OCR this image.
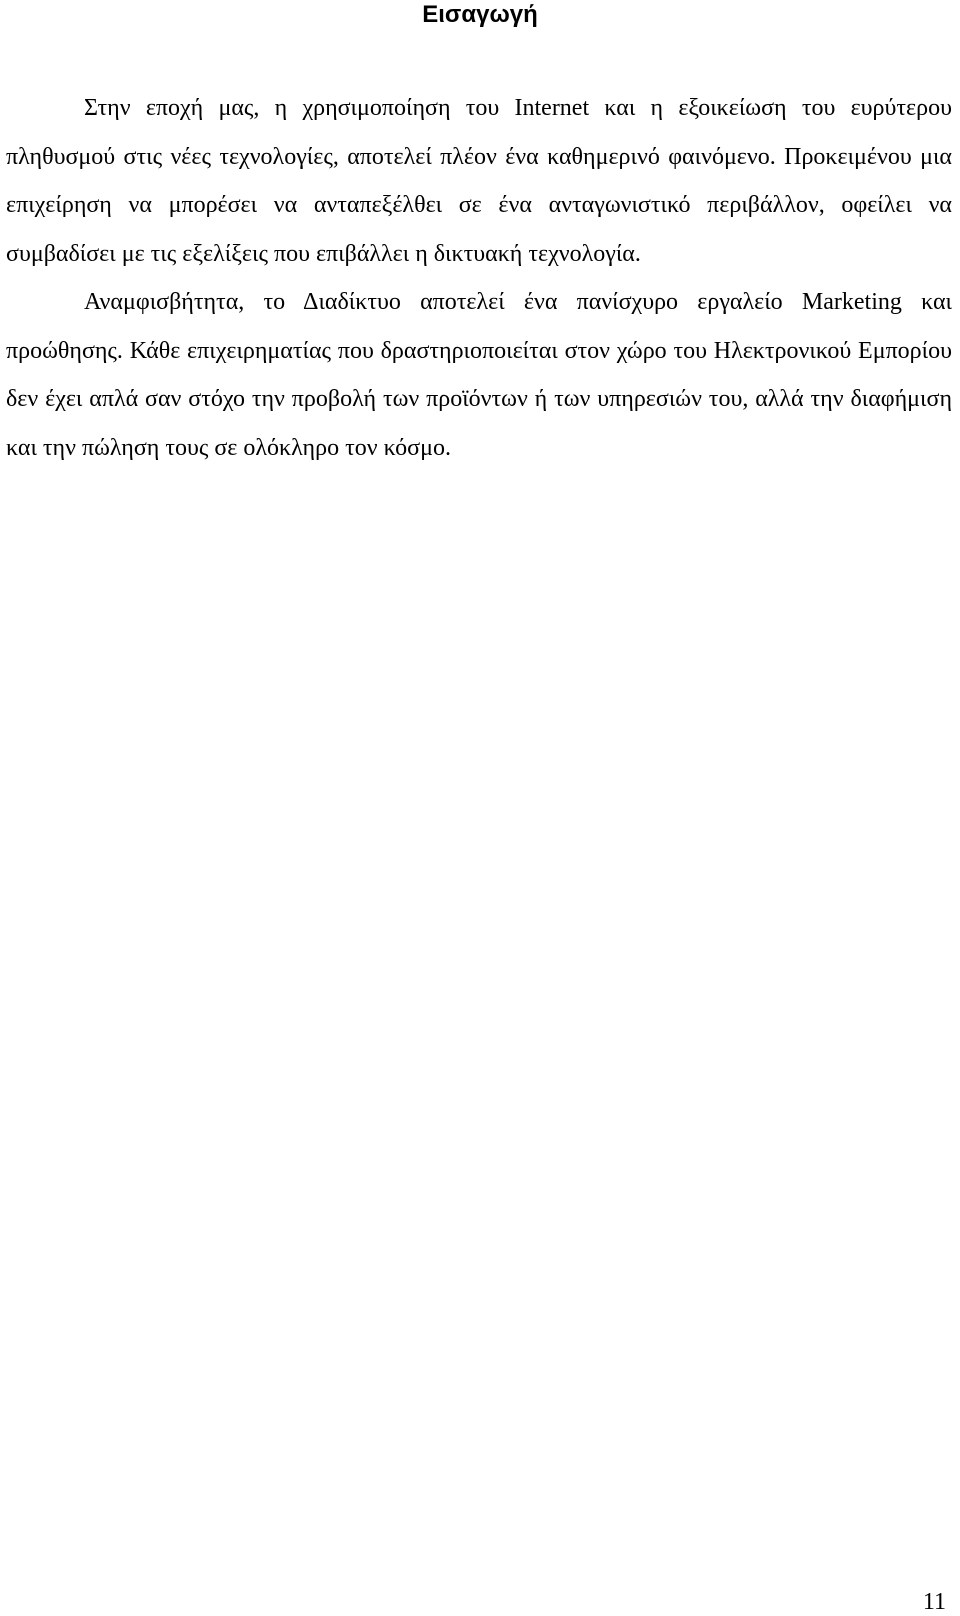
Εισαγωγή

Στην εποχή μας, η χρησιμοποίηση του Internet και η εξοικείωση του ευρύτερου πληθυσμού στις νέες τεχνολογίες, αποτελεί πλέον ένα καθημερινό φαινόμενο. Προκειμένου μια επιχείρηση να μπορέσει να ανταπεξέλθει σε ένα ανταγωνιστικό περιβάλλον, οφείλει να συμβαδίσει με τις εξελίξεις που επιβάλλει η δικτυακή τεχνολογία.

Αναμφισβήτητα, το Διαδίκτυο αποτελεί ένα πανίσχυρο εργαλείο Marketing και προώθησης. Κάθε επιχειρηματίας που δραστηριοποιείται στον χώρο του Ηλεκτρονικού Εμπορίου δεν έχει απλά σαν στόχο την προβολή των προϊόντων ή των υπηρεσιών του, αλλά την διαφήμιση και την πώληση τους σε ολόκληρο τον κόσμο.

11
